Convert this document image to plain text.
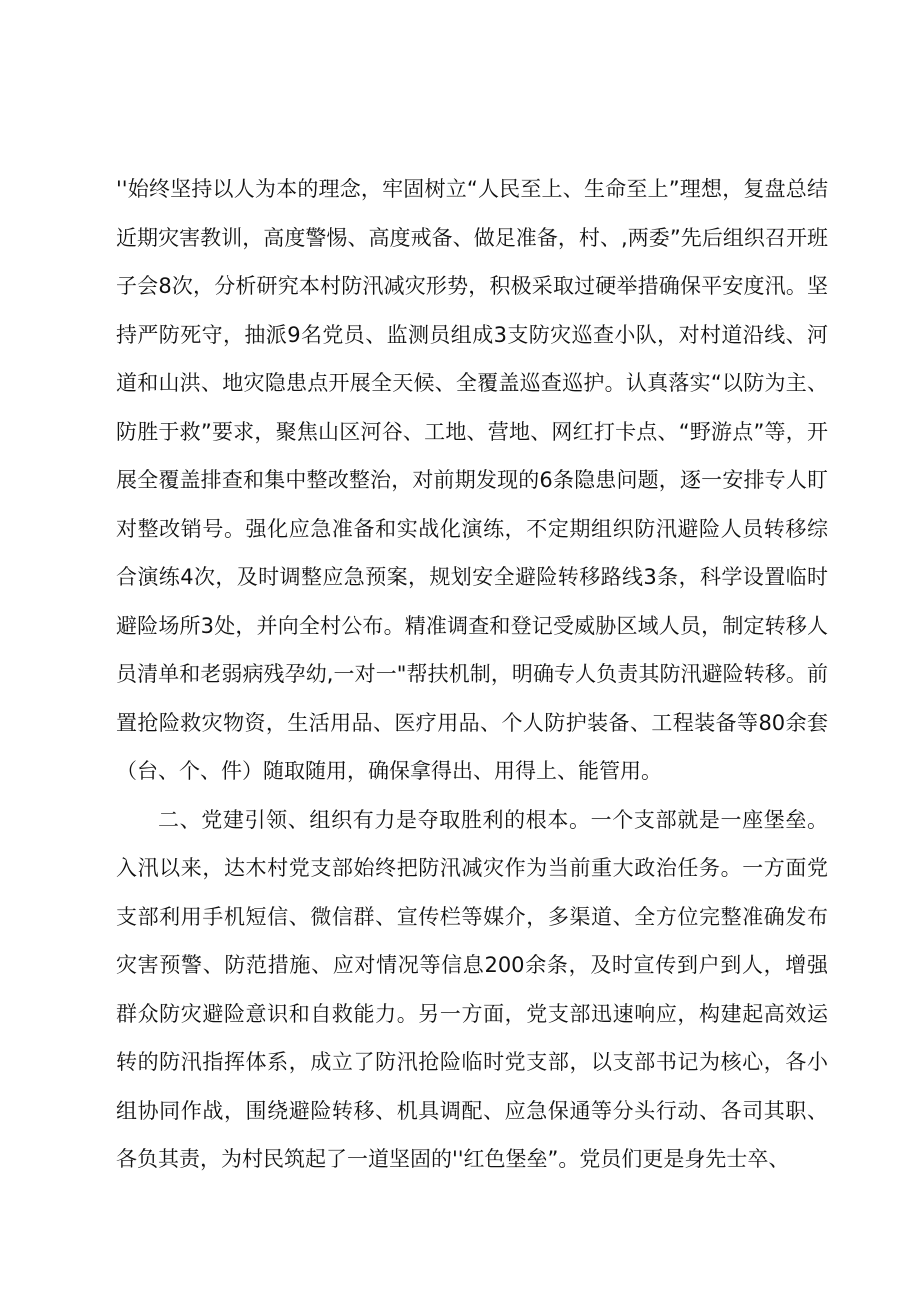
''始终坚持以人为本的理念，牢固树立“人民至上、生命至上”理想，复盘总结近期灾害教训，高度警惕、高度戒备、做足准备，村、,两委”先后组织召开班子会8次，分析研究本村防汛减灾形势，积极采取过硬举措确保平安度汛。坚持严防死守，抽派9名党员、监测员组成3支防灾巡查小队，对村道沿线、河道和山洪、地灾隐患点开展全天候、全覆盖巡查巡护。认真落实“以防为主、防胜于救”要求，聚焦山区河谷、工地、营地、网红打卡点、“野游点”等，开展全覆盖排查和集中整改整治，对前期发现的6条隐患问题，逐一安排专人盯对整改销号。强化应急准备和实战化演练，不定期组织防汛避险人员转移综合演练4次，及时调整应急预案，规划安全避险转移路线3条，科学设置临时避险场所3处，并向全村公布。精准调查和登记受威胁区域人员，制定转移人员清单和老弱病残孕幼,一对一"帮扶机制，明确专人负责其防汛避险转移。前置抢险救灾物资，生活用品、医疗用品、个人防护装备、工程装备等80余套（台、个、件）随取随用，确保拿得出、用得上、能管用。

二、党建引领、组织有力是夺取胜利的根本。一个支部就是一座堡垒。入汛以来，达木村党支部始终把防汛减灾作为当前重大政治任务。一方面党支部利用手机短信、微信群、宣传栏等媒介，多渠道、全方位完整准确发布灾害预警、防范措施、应对情况等信息200余条，及时宣传到户到人，增强群众防灾避险意识和自救能力。另一方面，党支部迅速响应，构建起高效运转的防汛指挥体系，成立了防汛抢险临时党支部，以支部书记为核心，各小组协同作战，围绕避险转移、机具调配、应急保通等分头行动、各司其职、各负其责，为村民筑起了一道坚固的''红色堡垒”。党员们更是身先士卒、
